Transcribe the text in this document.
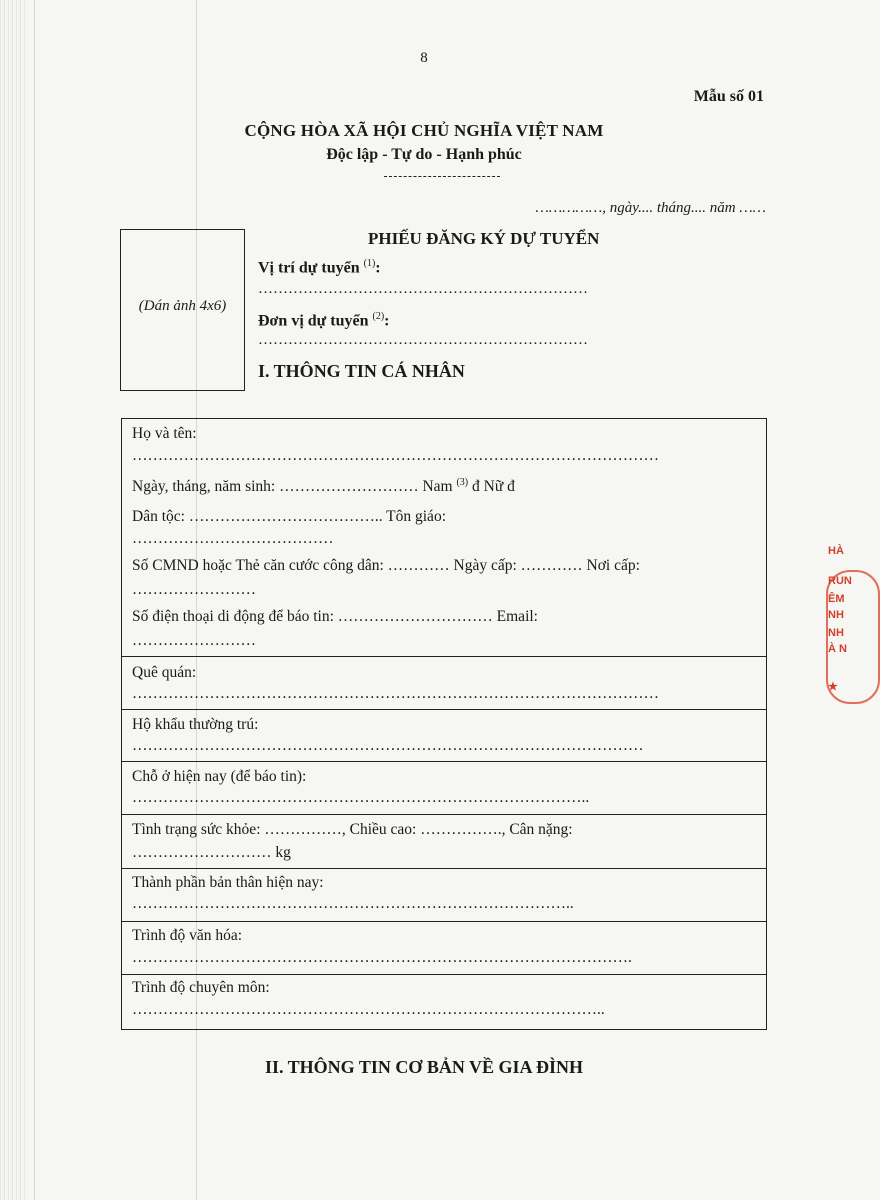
8
Mẫu số 01
CỘNG HÒA XÃ HỘI CHỦ NGHĨA VIỆT NAM
Độc lập - Tự do - Hạnh phúc
……………, ngày.... tháng.... năm ……
(Dán ảnh 4x6)
PHIẾU ĐĂNG KÝ DỰ TUYỂN
Vị trí dự tuyển $^{(1)}$:
…………………………………………………………
Đơn vị dự tuyển $^{(2)}$:
…………………………………………………………
I. THÔNG TIN CÁ NHÂN
Họ và tên:
…………………………………………………………………………………………
Ngày, tháng, năm sinh: ……………………… Nam $^{(3)}$ đ Nữ đ
Dân tộc: ……………………………….. Tôn giáo:
…………………………………
Số CMND hoặc Thẻ căn cước công dân: ………… Ngày cấp: ………… Nơi cấp:
……………………
Số điện thoại di động để báo tin: ………………………… Email:
……………………
Quê quán:
…………………………………………………………………………………………
Hộ khẩu thường trú:
………………………………………………………………………………………
Chỗ ở hiện nay (để báo tin):
……………………………………………………………………………..
Tình trạng sức khỏe: ……………, Chiều cao: ……………., Cân nặng:
……………………… kg
Thành phần bản thân hiện nay:
…………………………………………………………………………..
Trình độ văn hóa:
…………………………………………………………………………………….
Trình độ chuyên môn:
………………………………………………………………………………..
II. THÔNG TIN CƠ BẢN VỀ GIA ĐÌNH
HÀ
RUN
ÊM
NH
NH
À N
★
